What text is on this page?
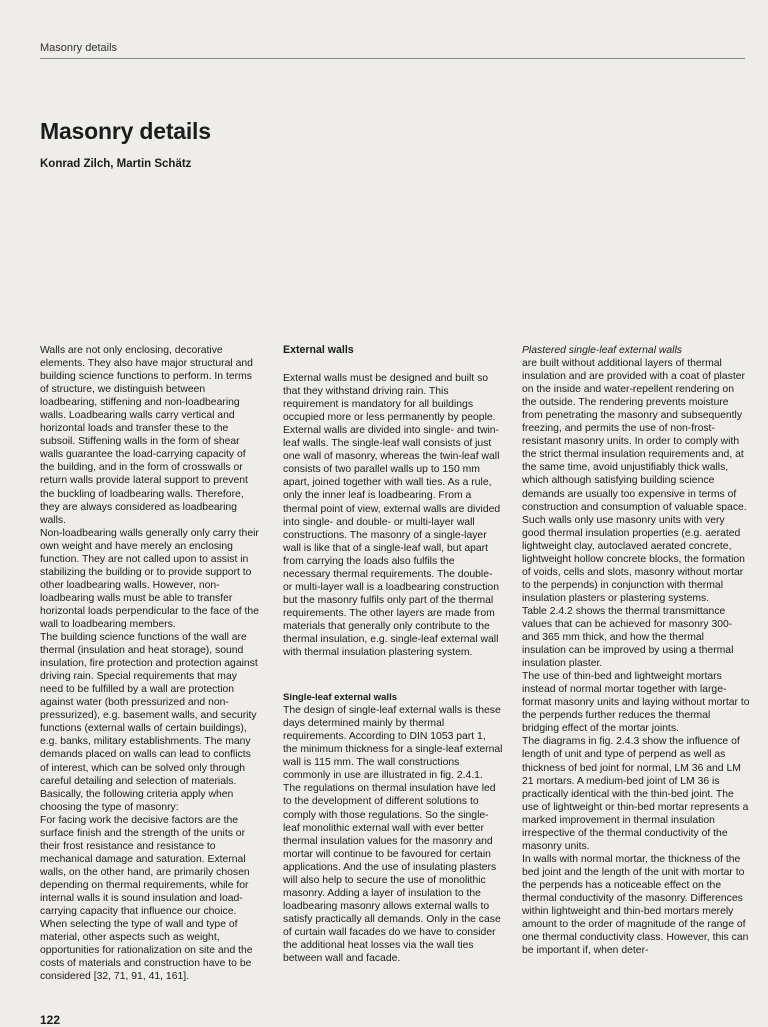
Masonry details
Masonry details
Konrad Zilch, Martin Schätz

Walls are not only enclosing, decorative elements. They also have major structural and building science functions to perform. In terms of structure, we distinguish between loadbearing, stiffening and non-loadbearing walls. Loadbearing walls carry vertical and horizontal loads and transfer these to the subsoil. Stiffening walls in the form of shear walls guarantee the load-carrying capacity of the building, and in the form of crosswalls or return walls provide lateral support to prevent the buckling of loadbearing walls. Therefore, they are always considered as loadbearing walls.

Non-loadbearing walls generally only carry their own weight and have merely an enclosing function. They are not called upon to assist in stabilizing the building or to provide support to other loadbearing walls. However, non-loadbearing walls must be able to transfer horizontal loads perpendicular to the face of the wall to loadbearing members.

The building science functions of the wall are thermal (insulation and heat storage), sound insulation, fire protection and protection against driving rain. Special requirements that may need to be fulfilled by a wall are protection against water (both pressurized and non-pressurized), e.g. basement walls, and security functions (external walls of certain buildings), e.g. banks, military establishments. The many demands placed on walls can lead to conflicts of interest, which can be solved only through careful detailing and selection of materials.

Basically, the following criteria apply when choosing the type of masonry:

For facing work the decisive factors are the surface finish and the strength of the units or their frost resistance and resistance to mechanical damage and saturation. External walls, on the other hand, are primarily chosen depending on thermal requirements, while for internal walls it is sound insulation and load-carrying capacity that influence our choice. When selecting the type of wall and type of material, other aspects such as weight, opportunities for rationalization on site and the costs of materials and construction have to be considered [32, 71, 91, 41, 161].

External walls

External walls must be designed and built so that they withstand driving rain. This requirement is mandatory for all buildings occupied more or less permanently by people. External walls are divided into single- and twin-leaf walls. The single-leaf wall consists of just one wall of masonry, whereas the twin-leaf wall consists of two parallel walls up to 150 mm apart, joined together with wall ties. As a rule, only the inner leaf is loadbearing. From a thermal point of view, external walls are divided into single- and double- or multi-layer wall constructions. The masonry of a single-layer wall is like that of a single-leaf wall, but apart from carrying the loads also fulfils the necessary thermal requirements. The double- or multi-layer wall is a loadbearing construction but the masonry fulfils only part of the thermal requirements. The other layers are made from materials that generally only contribute to the thermal insulation, e.g. single-leaf external wall with thermal insulation plastering system.

Single-leaf external walls

The design of single-leaf external walls is these days determined mainly by thermal requirements. According to DIN 1053 part 1, the minimum thickness for a single-leaf external wall is 115 mm. The wall constructions commonly in use are illustrated in fig. 2.4.1. The regulations on thermal insulation have led to the development of different solutions to comply with those regulations. So the single-leaf monolithic external wall with ever better thermal insulation values for the masonry and mortar will continue to be favoured for certain applications. And the use of insulating plasters will also help to secure the use of monolithic masonry. Adding a layer of insulation to the loadbearing masonry allows external walls to satisfy practically all demands. Only in the case of curtain wall facades do we have to consider the additional heat losses via the wall ties between wall and facade.

Plastered single-leaf external walls

are built without additional layers of thermal insulation and are provided with a coat of plaster on the inside and water-repellent rendering on the outside. The rendering prevents moisture from penetrating the masonry and subsequently freezing, and permits the use of non-frost-resistant masonry units. In order to comply with the strict thermal insulation requirements and, at the same time, avoid unjustifiably thick walls, which although satisfying building science demands are usually too expensive in terms of construction and consumption of valuable space. Such walls only use masonry units with very good thermal insulation properties (e.g. aerated lightweight clay, autoclaved aerated concrete, lightweight hollow concrete blocks, the formation of voids, cells and slots, masonry without mortar to the perpends) in conjunction with thermal insulation plasters or plastering systems.

Table 2.4.2 shows the thermal transmittance values that can be achieved for masonry 300- and 365 mm thick, and how the thermal insulation can be improved by using a thermal insulation plaster.

The use of thin-bed and lightweight mortars instead of normal mortar together with large-format masonry units and laying without mortar to the perpends further reduces the thermal bridging effect of the mortar joints.

The diagrams in fig. 2.4.3 show the influence of length of unit and type of perpend as well as thickness of bed joint for normal, LM 36 and LM 21 mortars. A medium-bed joint of LM 36 is practically identical with the thin-bed joint. The use of lightweight or thin-bed mortar represents a marked improvement in thermal insulation irrespective of the thermal conductivity of the masonry units.

In walls with normal mortar, the thickness of the bed joint and the length of the unit with mortar to the perpends has a noticeable effect on the thermal conductivity of the masonry. Differences within lightweight and thin-bed mortars merely amount to the order of magnitude of the range of one thermal conductivity class. However, this can be important if, when deter-

122
